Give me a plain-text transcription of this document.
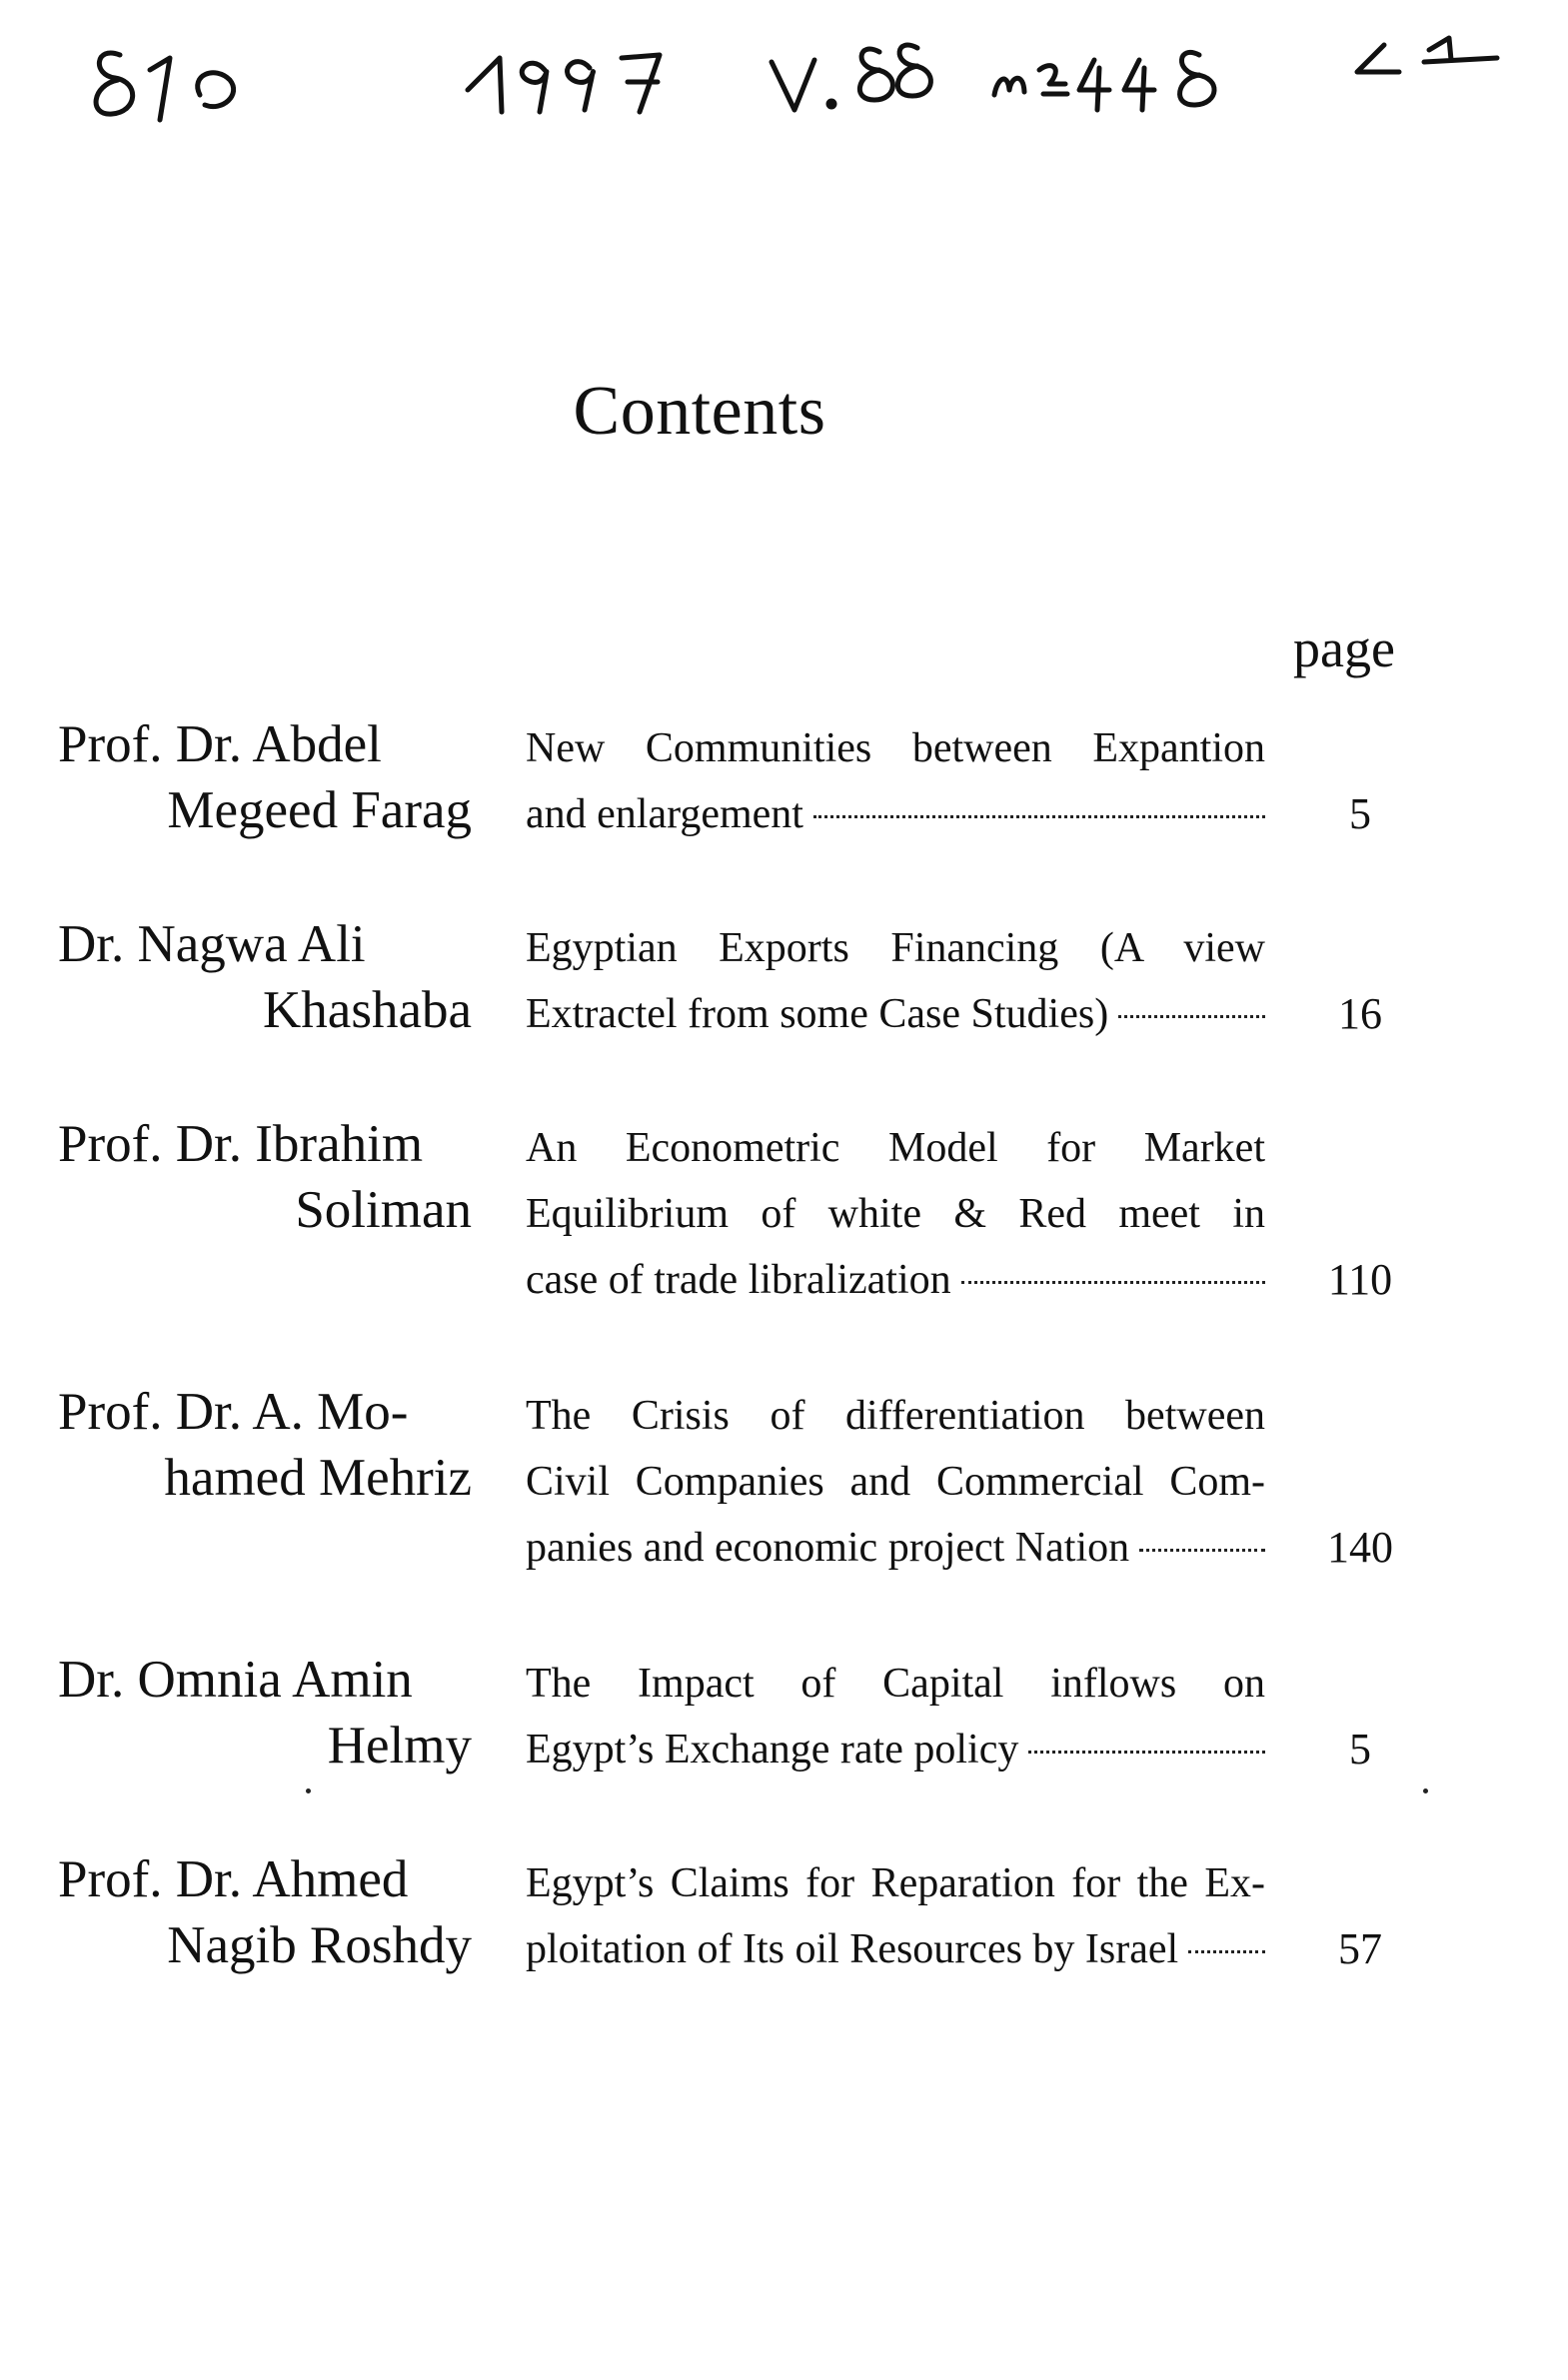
Contents
page
Prof. Dr. Abdel
Megeed Farag
New Communities between Expantion
and enlargement	5
Dr. Nagwa Ali
Khashaba
Egyptian Exports Financing (A view
Extractel from some Case Studies)	16
Prof. Dr. Ibrahim
Soliman
An Econometric Model for Market
Equilibrium of white & Red meet in
case of trade libralization	110
Prof. Dr. A. Mo-
hamed Mehriz
The Crisis of differentiation between
Civil Companies and Commercial Com-
panies and economic project Nation	140
Dr. Omnia Amin
Helmy
The Impact of Capital inflows on
Egypt’s Exchange rate policy	5
Prof. Dr. Ahmed
Nagib Roshdy
Egypt’s Claims for Reparation for the Ex-
ploitation of Its oil Resources by Israel	57
